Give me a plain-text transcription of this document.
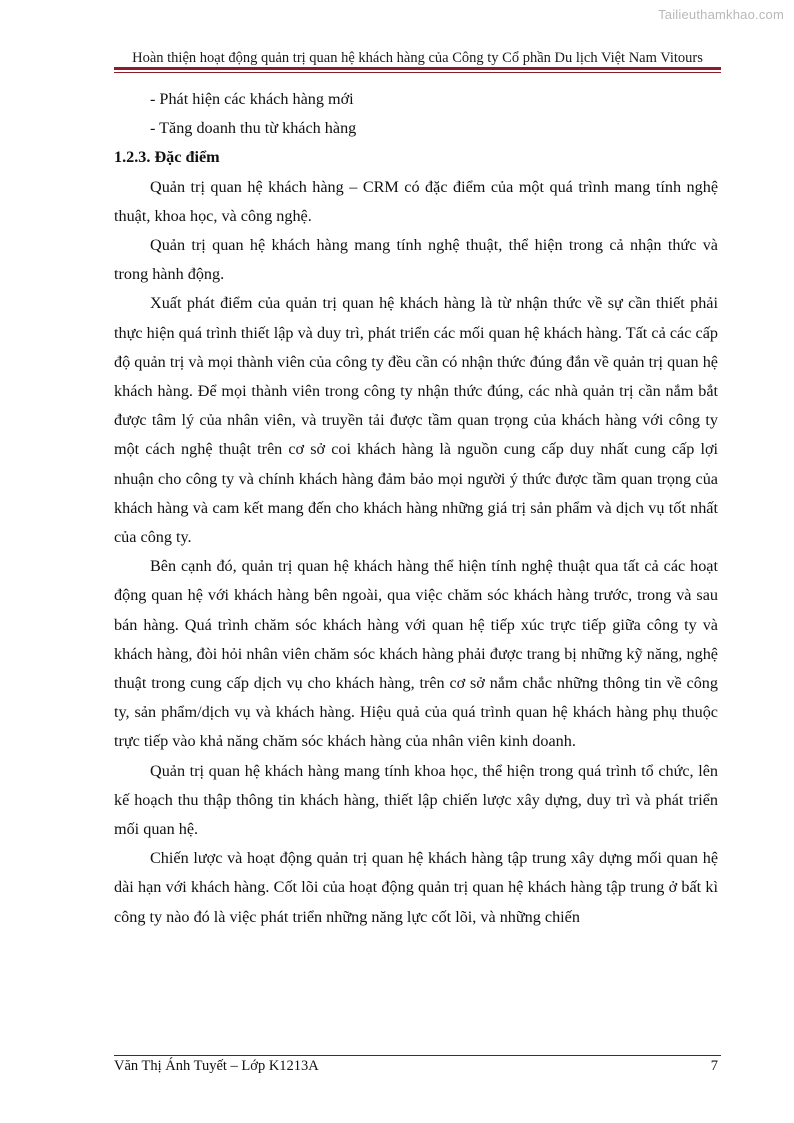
Tailieuthamkhao.com
Hoàn thiện hoạt động quản trị quan hệ khách hàng của Công ty Cổ phần Du lịch Việt Nam Vitours

- Phát hiện các khách hàng mới

- Tăng doanh thu từ khách hàng

1.2.3. Đặc điểm

Quản trị quan hệ khách hàng – CRM có đặc điểm của một quá trình mang tính nghệ thuật, khoa học, và công nghệ.

Quản trị quan hệ khách hàng mang tính nghệ thuật, thể hiện trong cả nhận thức và trong hành động.

Xuất phát điểm của quản trị quan hệ khách hàng là từ nhận thức về sự cần thiết phải thực hiện quá trình thiết lập và duy trì, phát triển các mối quan hệ khách hàng. Tất cả các cấp độ quản trị và mọi thành viên của công ty đều cần có nhận thức đúng đắn về quản trị quan hệ khách hàng. Để mọi thành viên trong công ty nhận thức đúng, các nhà quản trị cần nắm bắt được tâm lý của nhân viên, và truyền tải được tầm quan trọng của khách hàng với công ty một cách nghệ thuật trên cơ sở coi khách hàng là nguồn cung cấp duy nhất cung cấp lợi nhuận cho công ty và chính khách hàng đảm bảo mọi người ý thức được tầm quan trọng của khách hàng và cam kết mang đến cho khách hàng những giá trị sản phẩm và dịch vụ tốt nhất của công ty.

Bên cạnh đó, quản trị quan hệ khách hàng thể hiện tính nghệ thuật qua tất cả các hoạt động quan hệ với khách hàng bên ngoài, qua việc chăm sóc khách hàng trước, trong và sau bán hàng. Quá trình chăm sóc khách hàng với quan hệ tiếp xúc trực tiếp giữa công ty và khách hàng, đòi hỏi nhân viên chăm sóc khách hàng phải được trang bị những kỹ năng, nghệ thuật trong cung cấp dịch vụ cho khách hàng, trên cơ sở nắm chắc những thông tin về công ty, sản phẩm/dịch vụ và khách hàng. Hiệu quả của quá trình quan hệ khách hàng phụ thuộc trực tiếp vào khả năng chăm sóc khách hàng của nhân viên kinh doanh.

Quản trị quan hệ khách hàng mang tính khoa học, thể hiện trong quá trình tổ chức, lên kế hoạch thu thập thông tin khách hàng, thiết lập chiến lược xây dựng, duy trì và phát triển mối quan hệ.

Chiến lược và hoạt động quản trị quan hệ khách hàng tập trung xây dựng mối quan hệ dài hạn với khách hàng. Cốt lõi của hoạt động quản trị quan hệ khách hàng tập trung ở bất kì công ty nào đó là việc phát triển những năng lực cốt lõi, và những chiến

Văn Thị Ánh Tuyết – Lớp K1213A	7
